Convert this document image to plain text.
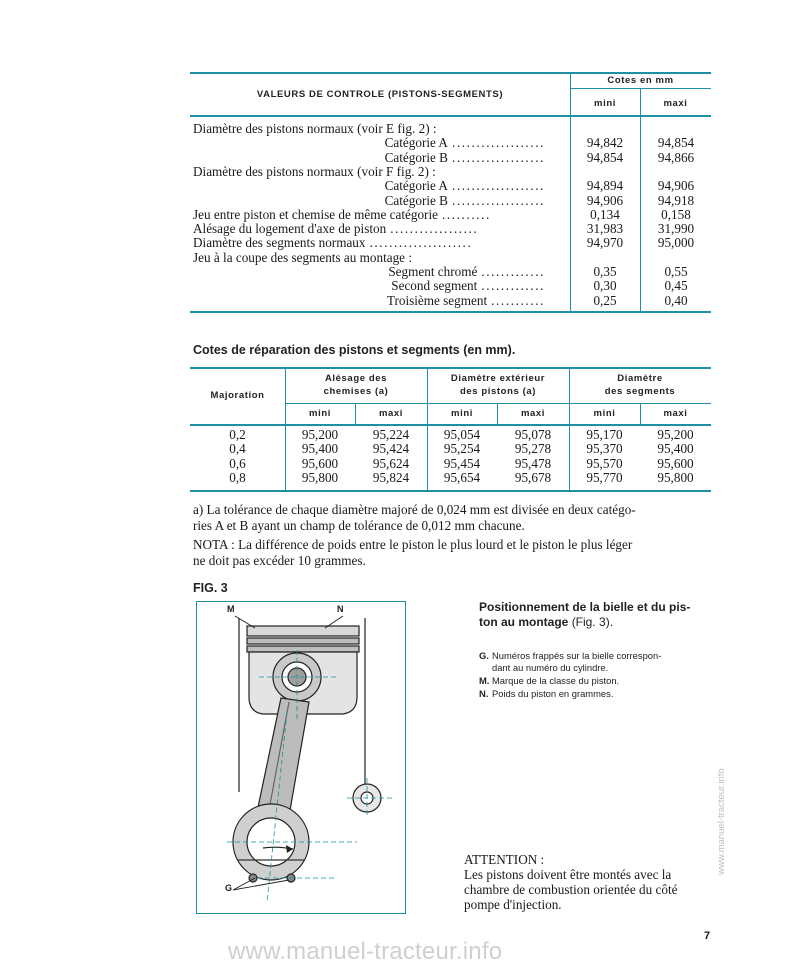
VALEURS DE CONTROLE (PISTONS-SEGMENTS)
Cotes en mm
mini	maxi
Diamètre des pistons normaux (voir E fig. 2) :
Catégorie A ...................	94,842	94,854
Catégorie B ...................	94,854	94,866
Diamètre des pistons normaux (voir F fig. 2) :
Catégorie A ...................	94,894	94,906
Catégorie B ...................	94,906	94,918
Jeu entre piston et chemise de même catégorie ..........	0,134	0,158
Alésage du logement d'axe de piston ..................	31,983	31,990
Diamètre des segments normaux .....................	94,970	95,000
Jeu à la coupe des segments au montage :
Segment chromé .............	0,35	0,55
Second segment .............	0,30	0,45
Troisième segment ...........	0,25	0,40
Cotes de réparation des pistons et segments (en mm).
Majoration
Alésage des
chemises (a)
Diamètre extérieur
des pistons (a)
Diamètre
des segments
mini	maxi	mini	maxi	mini	maxi
0,2	95,200	95,224	95,054	95,078	95,170	95,200
0,4	95,400	95,424	95,254	95,278	95,370	95,400
0,6	95,600	95,624	95,454	95,478	95,570	95,600
0,8	95,800	95,824	95,654	95,678	95,770	95,800
a) La tolérance de chaque diamètre majoré de 0,024 mm est divisée en deux catégo-
ries A et B ayant un champ de tolérance de 0,012 mm chacune.
NOTA : La différence de poids entre le piston le plus lourd et le piston le plus léger
ne doit pas excéder 10 grammes.
FIG. 3
M	N
G
Positionnement de la bielle et du pis-
ton au montage (Fig. 3).
G. Numéros frappés sur la bielle correspon-
dant au numéro du cylindre.
M. Marque de la classe du piston.
N. Poids du piston en grammes.
ATTENTION :
Les pistons doivent être montés avec la
chambre de combustion orientée du côté
pompe d'injection.
7
www.manuel-tracteur.info
www.manuel-tracteur.info
